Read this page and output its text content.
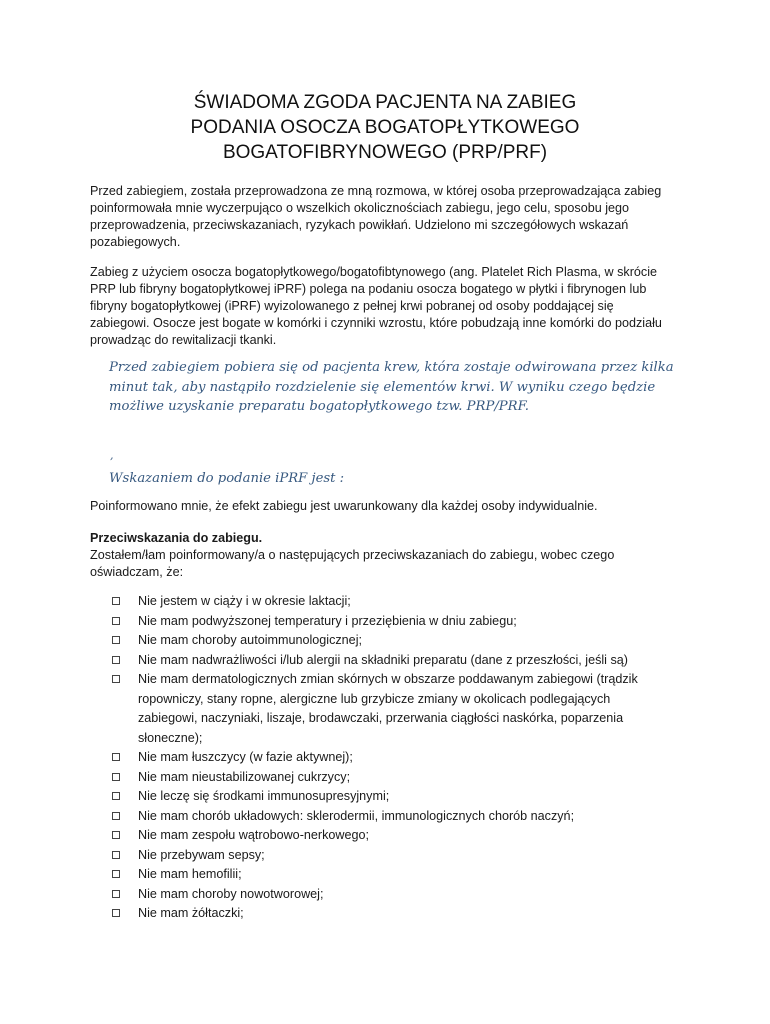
ŚWIADOMA ZGODA PACJENTA NA ZABIEG
PODANIA OSOCZA BOGATOPŁYTKOWEGO
BOGATOFIBRYNOWEGO (PRP/PRF)
Przed zabiegiem, została przeprowadzona ze mną rozmowa, w której osoba przeprowadzająca zabieg poinformowała mnie wyczerpująco o wszelkich okolicznościach zabiegu, jego celu, sposobu jego przeprowadzenia, przeciwskazaniach, ryzykach powikłań. Udzielono mi szczegółowych wskazań pozabiegowych.
Zabieg z użyciem osocza bogatopłytkowego/bogatofibtynowego (ang. Platelet Rich Plasma, w skrócie PRP lub fibryny bogatopłytkowej iPRF) polega na podaniu osocza bogatego w płytki i fibrynogen lub fibryny bogatopłytkowej (iPRF) wyizolowanego z pełnej krwi pobranej od osoby poddającej się zabiegowi. Osocze jest bogate w komórki i czynniki wzrostu, które pobudzają inne komórki do podziału prowadząc do rewitalizacji tkanki.
Przed zabiegiem pobiera się od pacjenta krew, która zostaje odwirowana przez kilka minut tak, aby nastąpiło rozdzielenie się elementów krwi. W wyniku czego będzie możliwe uzyskanie preparatu bogatopłytkowego tzw. PRP/PRF.
,
Wskazaniem do podanie iPRF jest :
Poinformowano mnie, że efekt zabiegu jest uwarunkowany dla każdej osoby indywidualnie.
Przeciwskazania do zabiegu.
Zostałem/łam poinformowany/a o następujących przeciwskazaniach do zabiegu, wobec czego oświadczam, że:
Nie jestem w ciąży i w okresie laktacji;
Nie mam podwyższonej temperatury i przeziębienia w dniu zabiegu;
Nie mam choroby autoimmunologicznej;
Nie mam nadwrażliwości i/lub alergii na składniki preparatu (dane z przeszłości, jeśli są)
Nie mam dermatologicznych zmian skórnych w obszarze poddawanym zabiegowi (trądzik ropowniczy, stany ropne, alergiczne lub grzybicze zmiany w okolicach podlegających zabiegowi, naczyniaki, liszaje, brodawczaki, przerwania ciągłości naskórka, poparzenia słoneczne);
Nie mam łuszczycy (w fazie aktywnej);
Nie mam nieustabilizowanej cukrzycy;
Nie leczę się środkami immunosupresyjnymi;
Nie mam chorób układowych: sklerodermii, immunologicznych chorób naczyń;
Nie mam zespołu wątrobowo-nerkowego;
Nie przebywam sepsy;
Nie mam hemofilii;
Nie mam choroby nowotworowej;
Nie mam żółtaczki;
